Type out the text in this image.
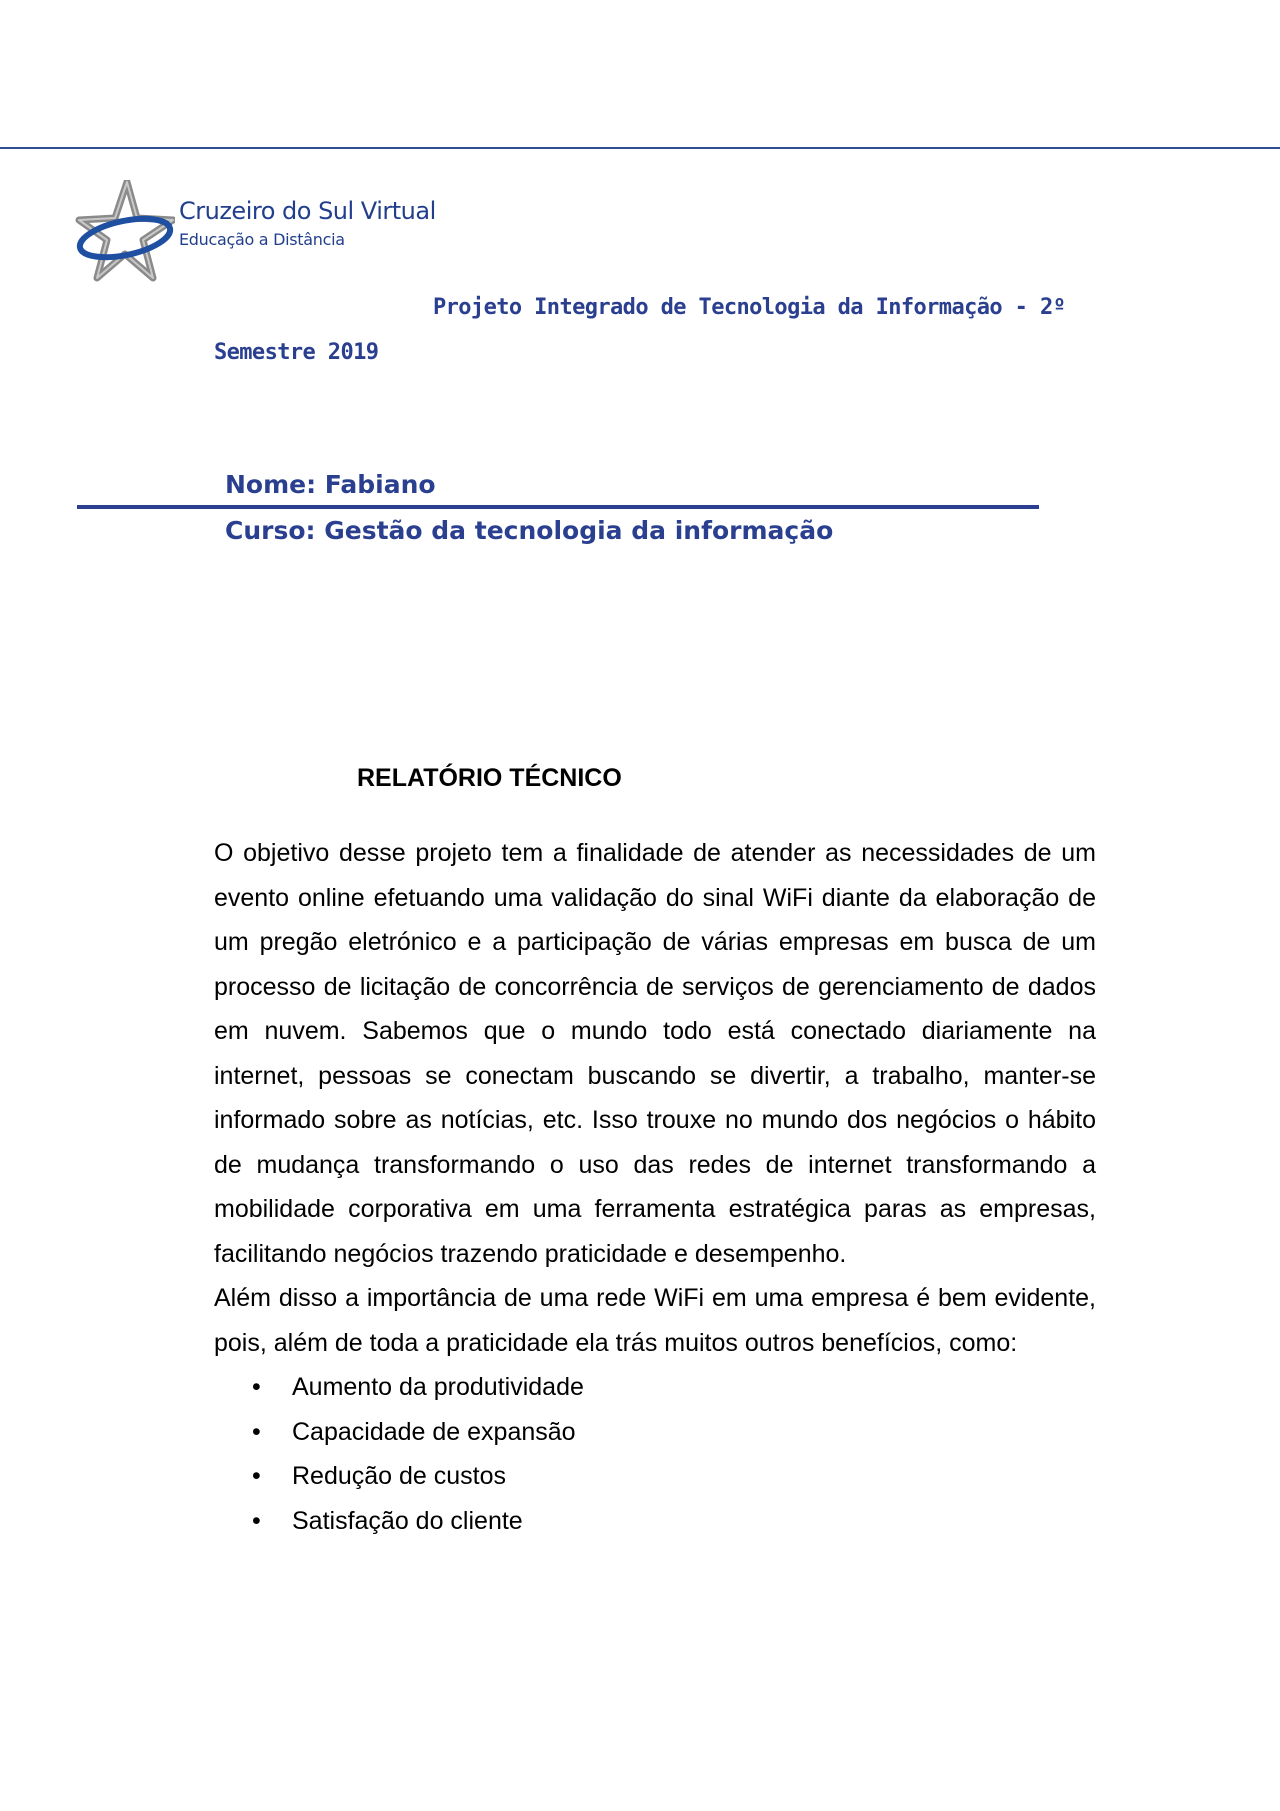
Cruzeiro do Sul Virtual
Educação a Distância
Projeto Integrado de Tecnologia da Informação - 2º
Semestre 2019
Nome: Fabiano
Curso: Gestão da tecnologia da informação
RELATÓRIO TÉCNICO

O objetivo desse projeto tem a finalidade de atender as necessidades de um evento online efetuando uma validação do sinal WiFi diante da elaboração de um pregão eletrónico e a participação de várias empresas em busca de um processo de licitação de concorrência de serviços de gerenciamento de dados em nuvem. Sabemos que o mundo todo está conectado diariamente na internet, pessoas se conectam buscando se divertir, a trabalho, manter-se informado sobre as notícias, etc. Isso trouxe no mundo dos negócios o hábito de mudança transformando o uso das redes de internet transformando a mobilidade corporativa em uma ferramenta estratégica paras as empresas, facilitando negócios trazendo praticidade e desempenho.

Além disso a importância de uma rede WiFi em uma empresa é bem evidente, pois, além de toda a praticidade ela trás muitos outros benefícios, como:

• Aumento da produtividade
• Capacidade de expansão
• Redução de custos
• Satisfação do cliente
